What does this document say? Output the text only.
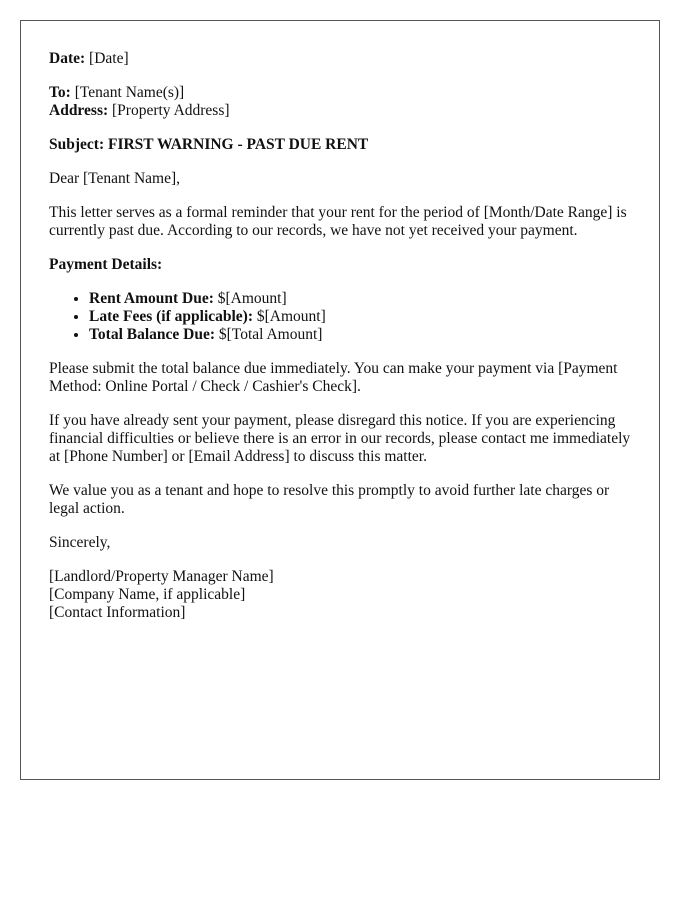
Date: [Date]
To: [Tenant Name(s)]
Address: [Property Address]
Subject: FIRST WARNING - PAST DUE RENT

Dear [Tenant Name],

This letter serves as a formal reminder that your rent for the period of [Month/Date Range] is currently past due. According to our records, we have not yet received your payment.

Payment Details:
• Rent Amount Due: $[Amount]
• Late Fees (if applicable): $[Amount]
• Total Balance Due: $[Total Amount]

Please submit the total balance due immediately. You can make your payment via [Payment Method: Online Portal / Check / Cashier's Check].

If you have already sent your payment, please disregard this notice. If you are experiencing financial difficulties or believe there is an error in our records, please contact me immediately at [Phone Number] or [Email Address] to discuss this matter.

We value you as a tenant and hope to resolve this promptly to avoid further late charges or legal action.

Sincerely,

[Landlord/Property Manager Name]
[Company Name, if applicable]
[Contact Information]
